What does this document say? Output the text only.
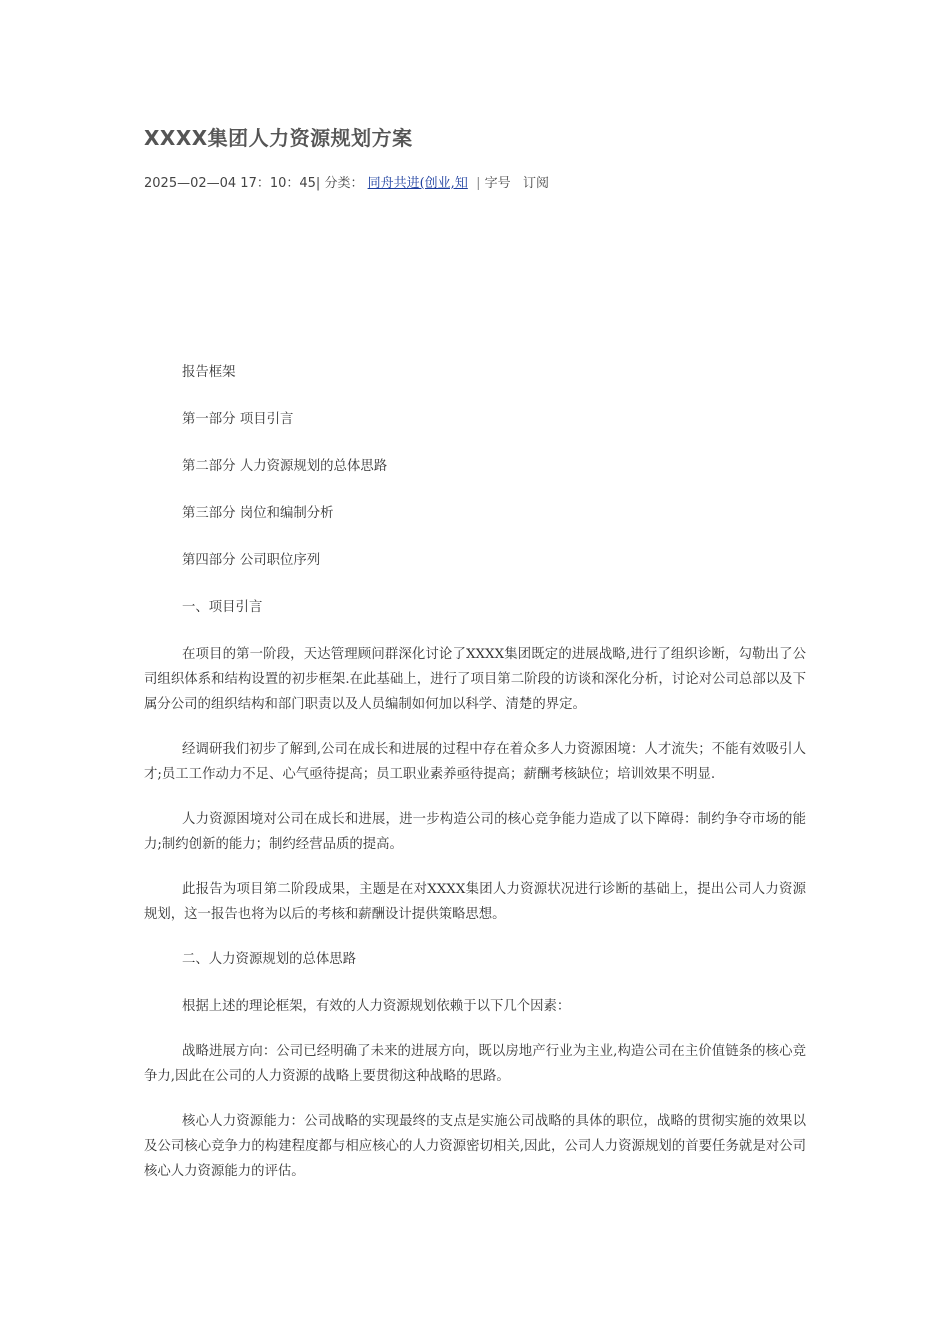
XXXX集团人力资源规划方案
2025—02—04 17：10：45| 分类： 同舟共进(创业,知 | 字号 订阅

报告框架

第一部分 项目引言

第二部分 人力资源规划的总体思路

第三部分 岗位和编制分析

第四部分 公司职位序列

一、项目引言

在项目的第一阶段，天达管理顾问群深化讨论了XXXX集团既定的进展战略,进行了组织诊断，勾勒出了公司组织体系和结构设置的初步框架.在此基础上，进行了项目第二阶段的访谈和深化分析，讨论对公司总部以及下属分公司的组织结构和部门职责以及人员编制如何加以科学、清楚的界定。

经调研我们初步了解到,公司在成长和进展的过程中存在着众多人力资源困境：人才流失；不能有效吸引人才;员工工作动力不足、心气亟待提高；员工职业素养亟待提高；薪酬考核缺位；培训效果不明显.

人力资源困境对公司在成长和进展，进一步构造公司的核心竞争能力造成了以下障碍：制约争夺市场的能力;制约创新的能力；制约经营品质的提高。

此报告为项目第二阶段成果，主题是在对XXXX集团人力资源状况进行诊断的基础上，提出公司人力资源规划，这一报告也将为以后的考核和薪酬设计提供策略思想。

二、人力资源规划的总体思路

根据上述的理论框架，有效的人力资源规划依赖于以下几个因素：

战略进展方向：公司已经明确了未来的进展方向，既以房地产行业为主业,构造公司在主价值链条的核心竞争力,因此在公司的人力资源的战略上要贯彻这种战略的思路。

核心人力资源能力：公司战略的实现最终的支点是实施公司战略的具体的职位，战略的贯彻实施的效果以及公司核心竞争力的构建程度都与相应核心的人力资源密切相关,因此，公司人力资源规划的首要任务就是对公司核心人力资源能力的评估。
